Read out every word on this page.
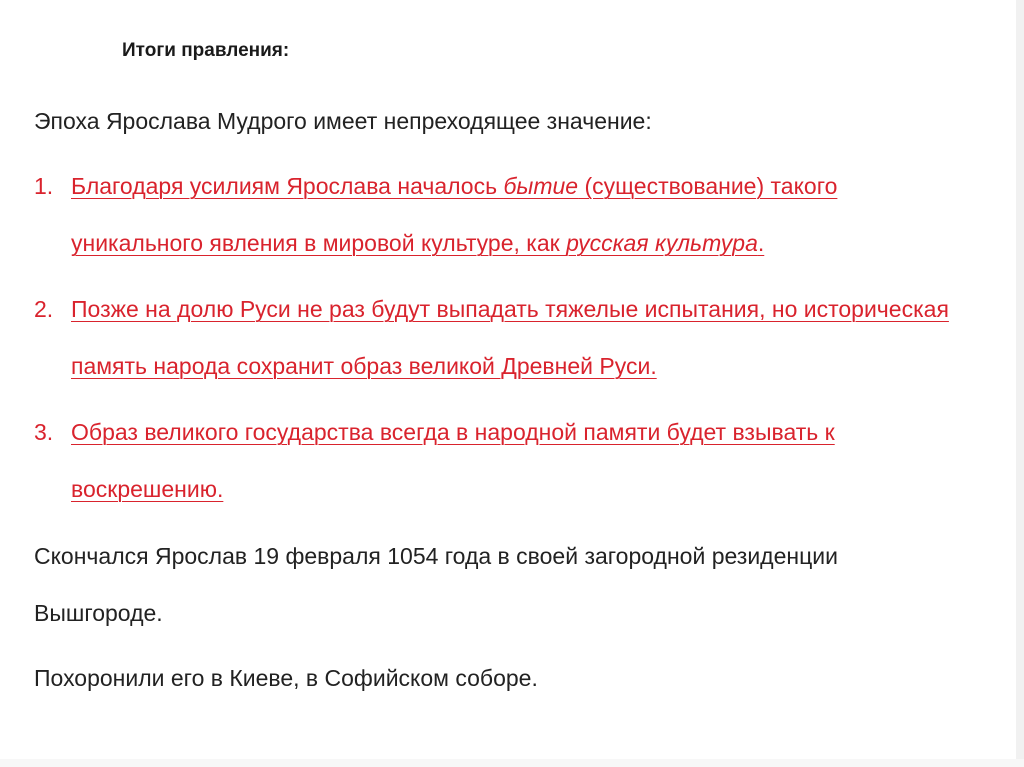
Итоги правления:
Эпоха Ярослава Мудрого имеет непреходящее значение:
1. Благодаря усилиям Ярослава началось бытие (существование) такого уникального явления в мировой культуре, как русская культура.
2. Позже на долю Руси не раз будут выпадать тяжелые испытания, но историческая память народа сохранит образ великой Древней Руси.
3. Образ великого государства всегда в народной памяти будет взывать к воскрешению.
Скончался Ярослав 19 февраля 1054 года в своей загородной резиденции
Вышгороде.
Похоронили его в Киеве, в Софийском соборе.
